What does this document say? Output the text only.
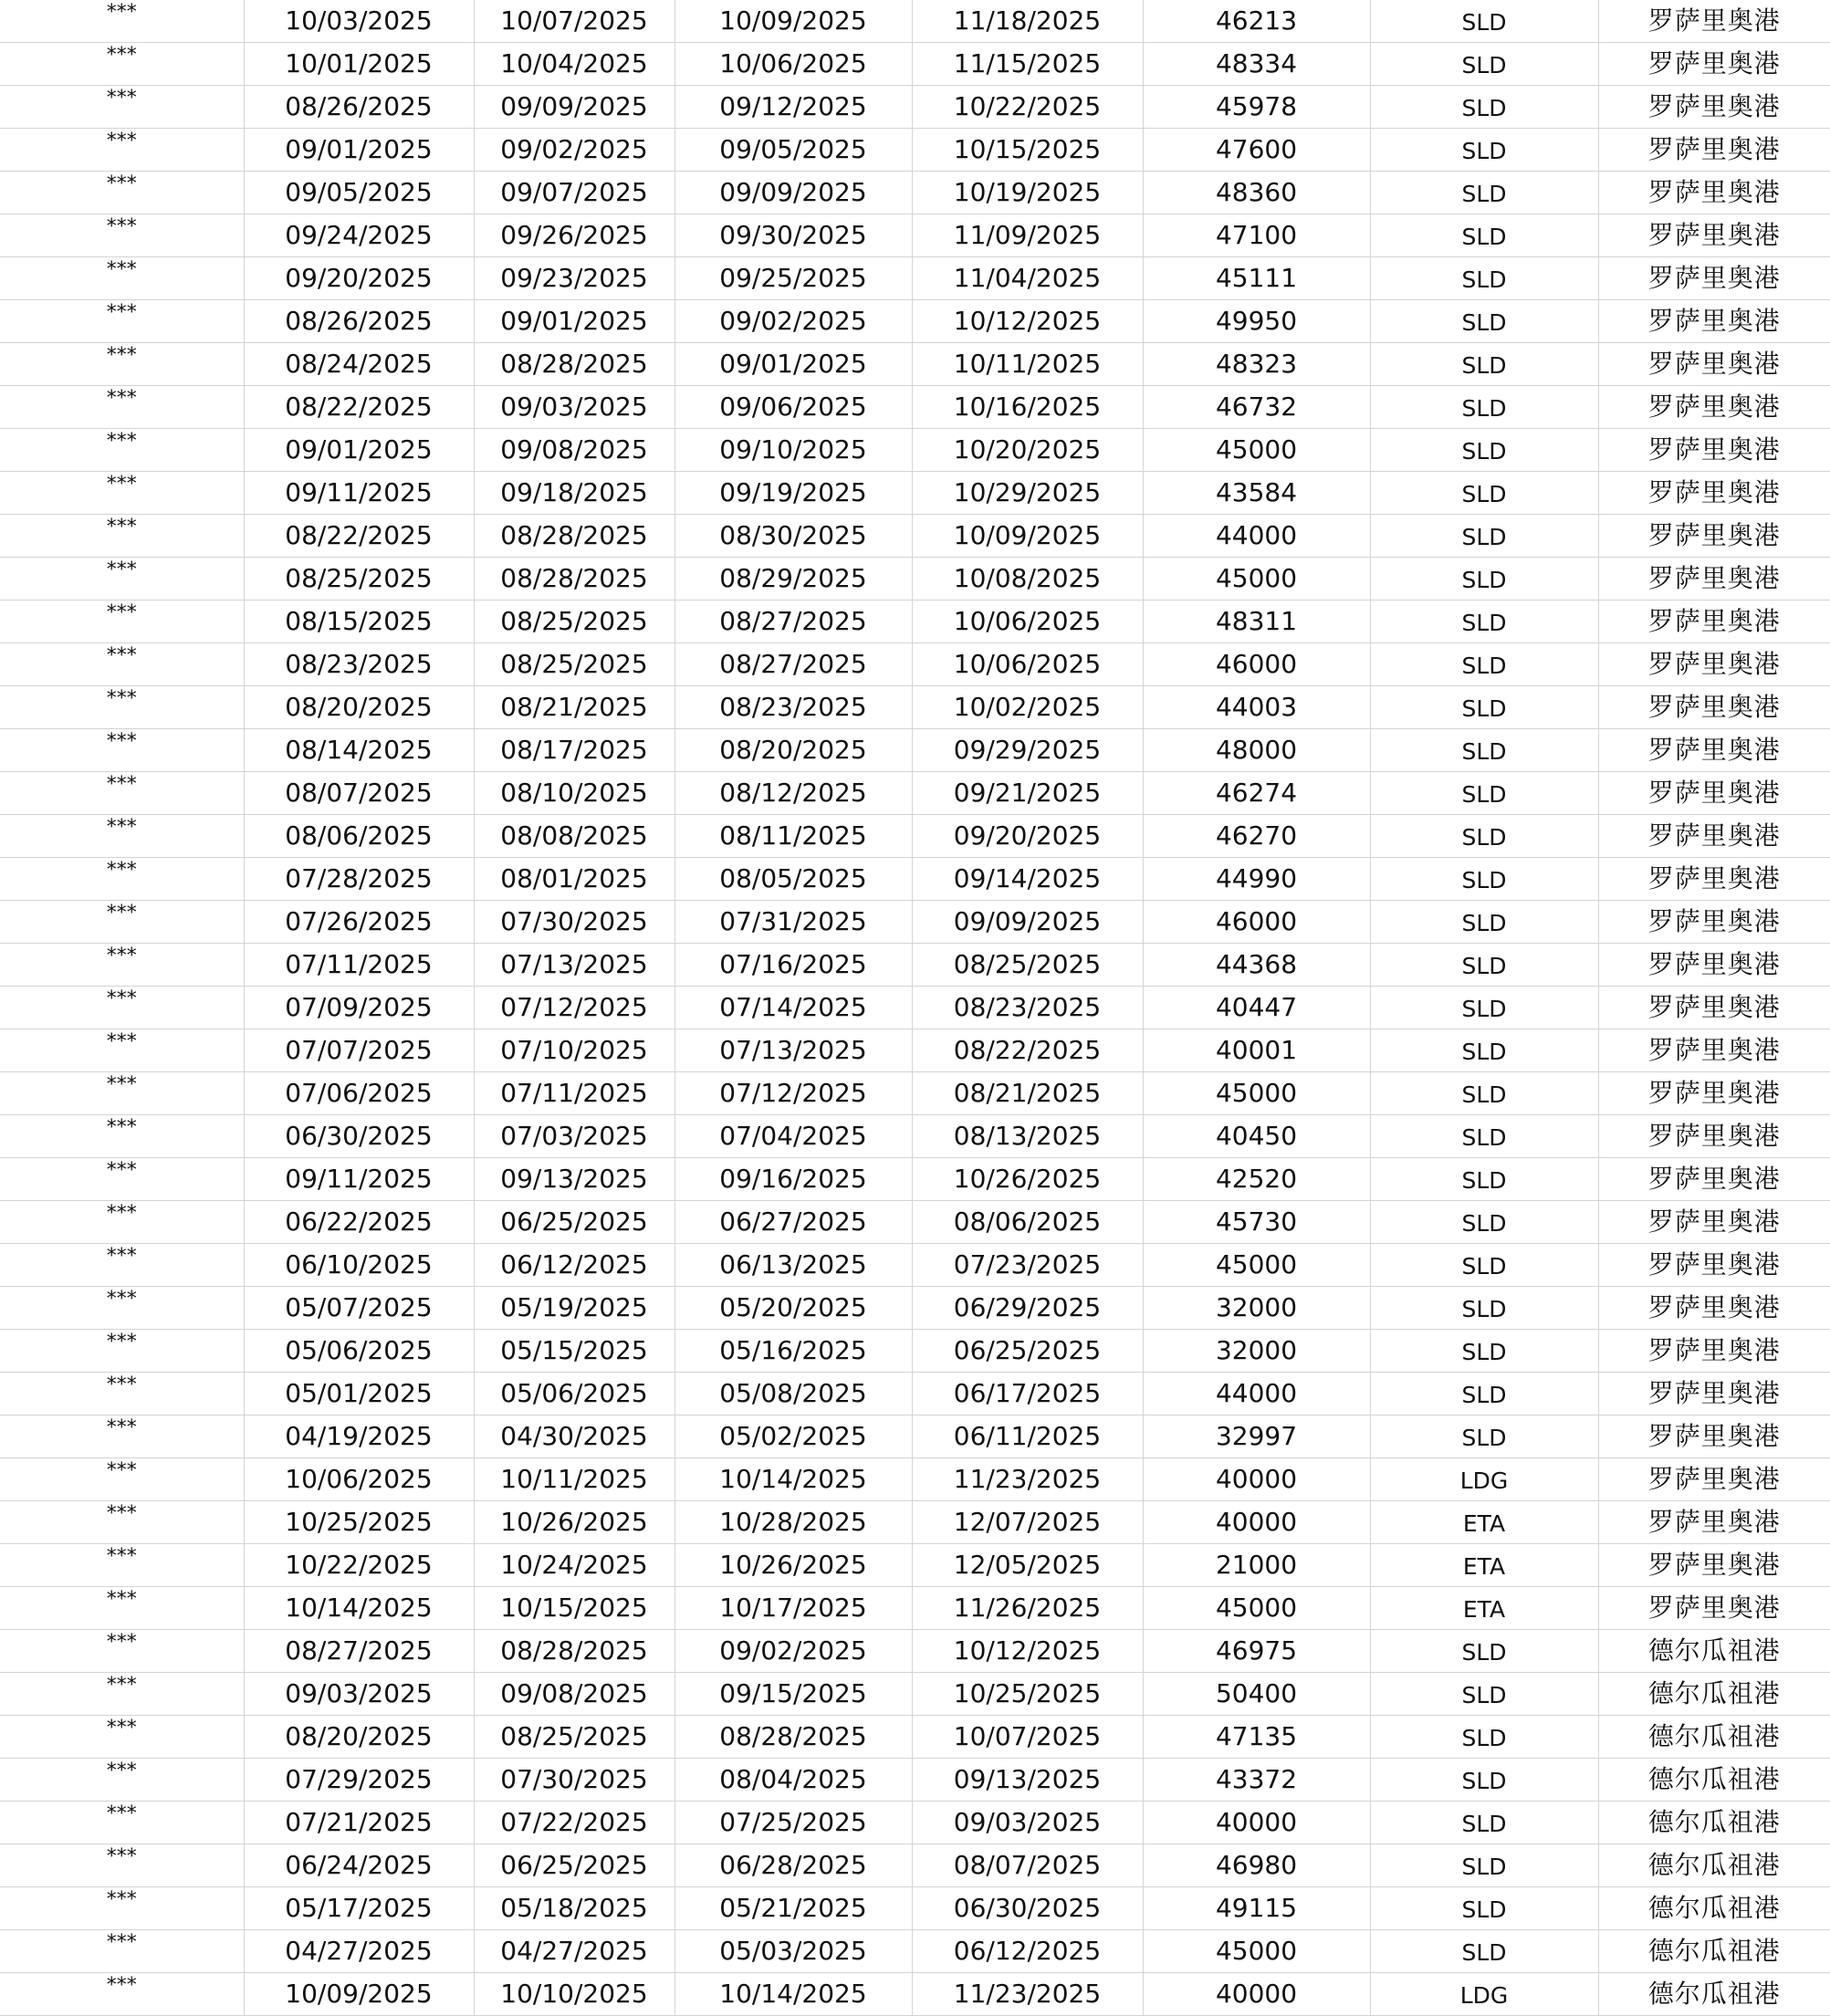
***	10/03/2025	10/07/2025	10/09/2025	11/18/2025	46213	SLD	罗萨里奥港
***	10/01/2025	10/04/2025	10/06/2025	11/15/2025	48334	SLD	罗萨里奥港
***	08/26/2025	09/09/2025	09/12/2025	10/22/2025	45978	SLD	罗萨里奥港
***	09/01/2025	09/02/2025	09/05/2025	10/15/2025	47600	SLD	罗萨里奥港
***	09/05/2025	09/07/2025	09/09/2025	10/19/2025	48360	SLD	罗萨里奥港
***	09/24/2025	09/26/2025	09/30/2025	11/09/2025	47100	SLD	罗萨里奥港
***	09/20/2025	09/23/2025	09/25/2025	11/04/2025	45111	SLD	罗萨里奥港
***	08/26/2025	09/01/2025	09/02/2025	10/12/2025	49950	SLD	罗萨里奥港
***	08/24/2025	08/28/2025	09/01/2025	10/11/2025	48323	SLD	罗萨里奥港
***	08/22/2025	09/03/2025	09/06/2025	10/16/2025	46732	SLD	罗萨里奥港
***	09/01/2025	09/08/2025	09/10/2025	10/20/2025	45000	SLD	罗萨里奥港
***	09/11/2025	09/18/2025	09/19/2025	10/29/2025	43584	SLD	罗萨里奥港
***	08/22/2025	08/28/2025	08/30/2025	10/09/2025	44000	SLD	罗萨里奥港
***	08/25/2025	08/28/2025	08/29/2025	10/08/2025	45000	SLD	罗萨里奥港
***	08/15/2025	08/25/2025	08/27/2025	10/06/2025	48311	SLD	罗萨里奥港
***	08/23/2025	08/25/2025	08/27/2025	10/06/2025	46000	SLD	罗萨里奥港
***	08/20/2025	08/21/2025	08/23/2025	10/02/2025	44003	SLD	罗萨里奥港
***	08/14/2025	08/17/2025	08/20/2025	09/29/2025	48000	SLD	罗萨里奥港
***	08/07/2025	08/10/2025	08/12/2025	09/21/2025	46274	SLD	罗萨里奥港
***	08/06/2025	08/08/2025	08/11/2025	09/20/2025	46270	SLD	罗萨里奥港
***	07/28/2025	08/01/2025	08/05/2025	09/14/2025	44990	SLD	罗萨里奥港
***	07/26/2025	07/30/2025	07/31/2025	09/09/2025	46000	SLD	罗萨里奥港
***	07/11/2025	07/13/2025	07/16/2025	08/25/2025	44368	SLD	罗萨里奥港
***	07/09/2025	07/12/2025	07/14/2025	08/23/2025	40447	SLD	罗萨里奥港
***	07/07/2025	07/10/2025	07/13/2025	08/22/2025	40001	SLD	罗萨里奥港
***	07/06/2025	07/11/2025	07/12/2025	08/21/2025	45000	SLD	罗萨里奥港
***	06/30/2025	07/03/2025	07/04/2025	08/13/2025	40450	SLD	罗萨里奥港
***	09/11/2025	09/13/2025	09/16/2025	10/26/2025	42520	SLD	罗萨里奥港
***	06/22/2025	06/25/2025	06/27/2025	08/06/2025	45730	SLD	罗萨里奥港
***	06/10/2025	06/12/2025	06/13/2025	07/23/2025	45000	SLD	罗萨里奥港
***	05/07/2025	05/19/2025	05/20/2025	06/29/2025	32000	SLD	罗萨里奥港
***	05/06/2025	05/15/2025	05/16/2025	06/25/2025	32000	SLD	罗萨里奥港
***	05/01/2025	05/06/2025	05/08/2025	06/17/2025	44000	SLD	罗萨里奥港
***	04/19/2025	04/30/2025	05/02/2025	06/11/2025	32997	SLD	罗萨里奥港
***	10/06/2025	10/11/2025	10/14/2025	11/23/2025	40000	LDG	罗萨里奥港
***	10/25/2025	10/26/2025	10/28/2025	12/07/2025	40000	ETA	罗萨里奥港
***	10/22/2025	10/24/2025	10/26/2025	12/05/2025	21000	ETA	罗萨里奥港
***	10/14/2025	10/15/2025	10/17/2025	11/26/2025	45000	ETA	罗萨里奥港
***	08/27/2025	08/28/2025	09/02/2025	10/12/2025	46975	SLD	德尔瓜祖港
***	09/03/2025	09/08/2025	09/15/2025	10/25/2025	50400	SLD	德尔瓜祖港
***	08/20/2025	08/25/2025	08/28/2025	10/07/2025	47135	SLD	德尔瓜祖港
***	07/29/2025	07/30/2025	08/04/2025	09/13/2025	43372	SLD	德尔瓜祖港
***	07/21/2025	07/22/2025	07/25/2025	09/03/2025	40000	SLD	德尔瓜祖港
***	06/24/2025	06/25/2025	06/28/2025	08/07/2025	46980	SLD	德尔瓜祖港
***	05/17/2025	05/18/2025	05/21/2025	06/30/2025	49115	SLD	德尔瓜祖港
***	04/27/2025	04/27/2025	05/03/2025	06/12/2025	45000	SLD	德尔瓜祖港
***	10/09/2025	10/10/2025	10/14/2025	11/23/2025	40000	LDG	德尔瓜祖港
